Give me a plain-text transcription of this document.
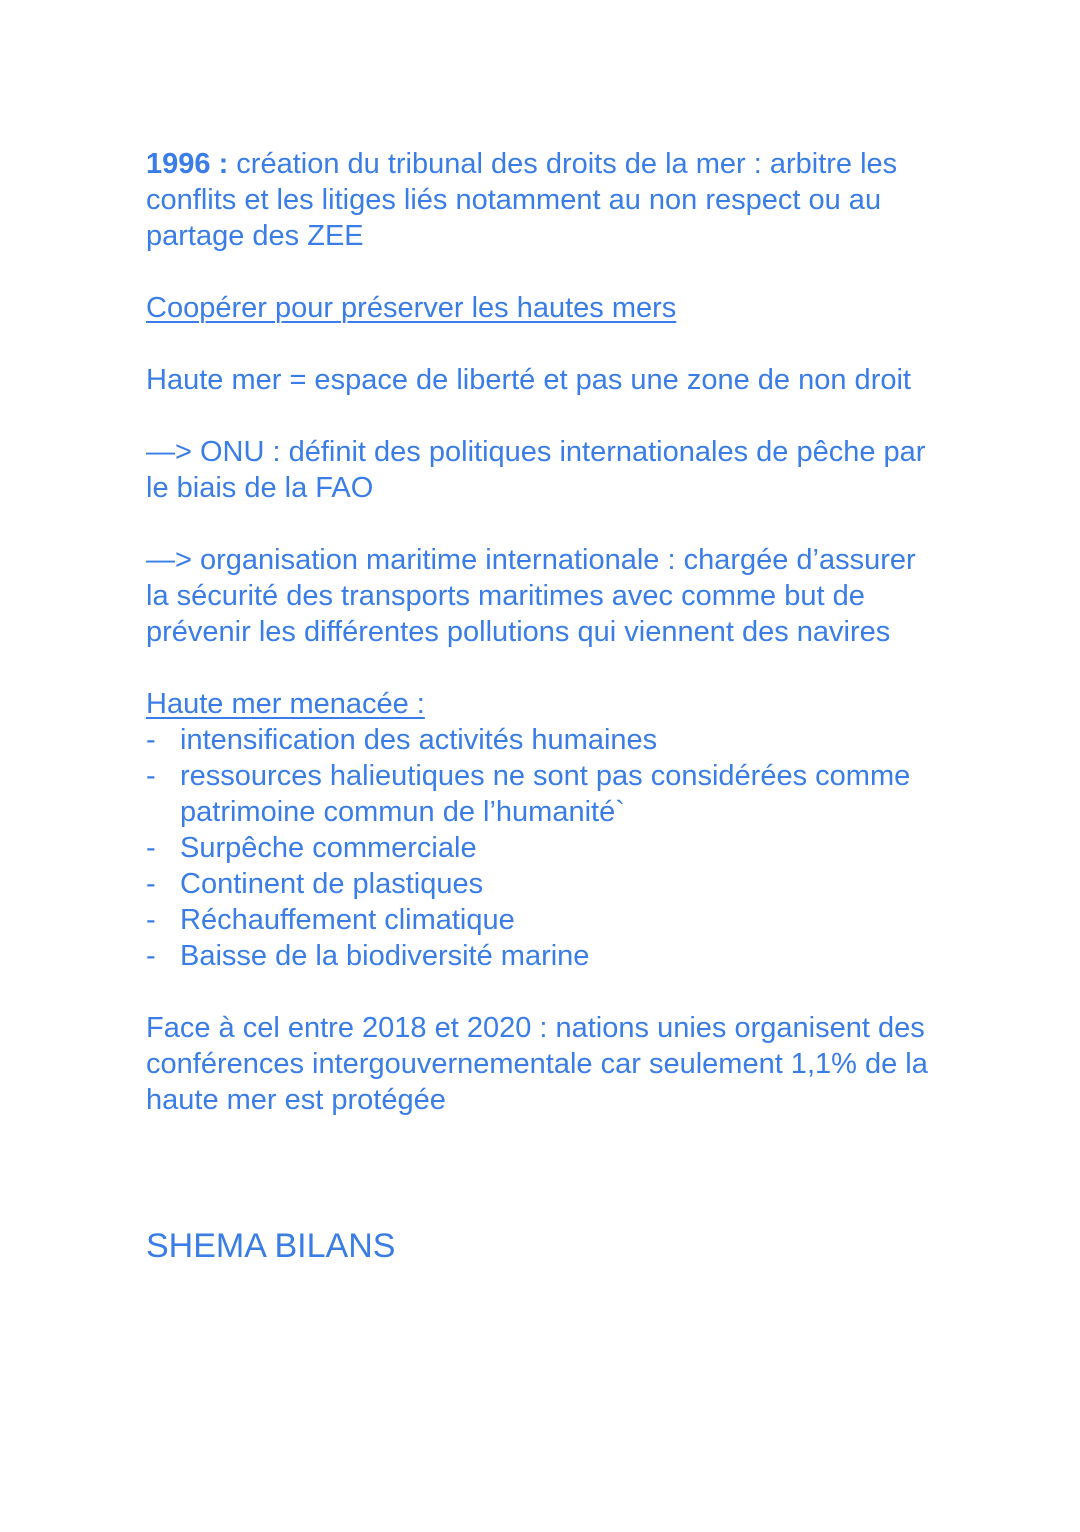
1996 : création du tribunal des droits de la mer : arbitre les conflits et les litiges liés notamment au non respect ou au partage des ZEE

Coopérer pour préserver les hautes mers

Haute mer = espace de liberté et pas une zone de non droit

—> ONU : définit des politiques internationales de pêche par le biais de la FAO

—> organisation maritime internationale : chargée d’assurer la sécurité des transports maritimes avec comme but de prévenir les différentes pollutions qui viennent des navires

Haute mer menacée :

- intensification des activités humaines
- ressources halieutiques ne sont pas considérées comme patrimoine commun de l’humanité`
- Surpêche commerciale
- Continent de plastiques
- Réchauffement climatique
- Baisse de la biodiversité marine

Face à cel entre 2018 et 2020 : nations unies organisent des conférences intergouvernementale car seulement 1,1% de la haute mer est protégée

SHEMA BILANS
